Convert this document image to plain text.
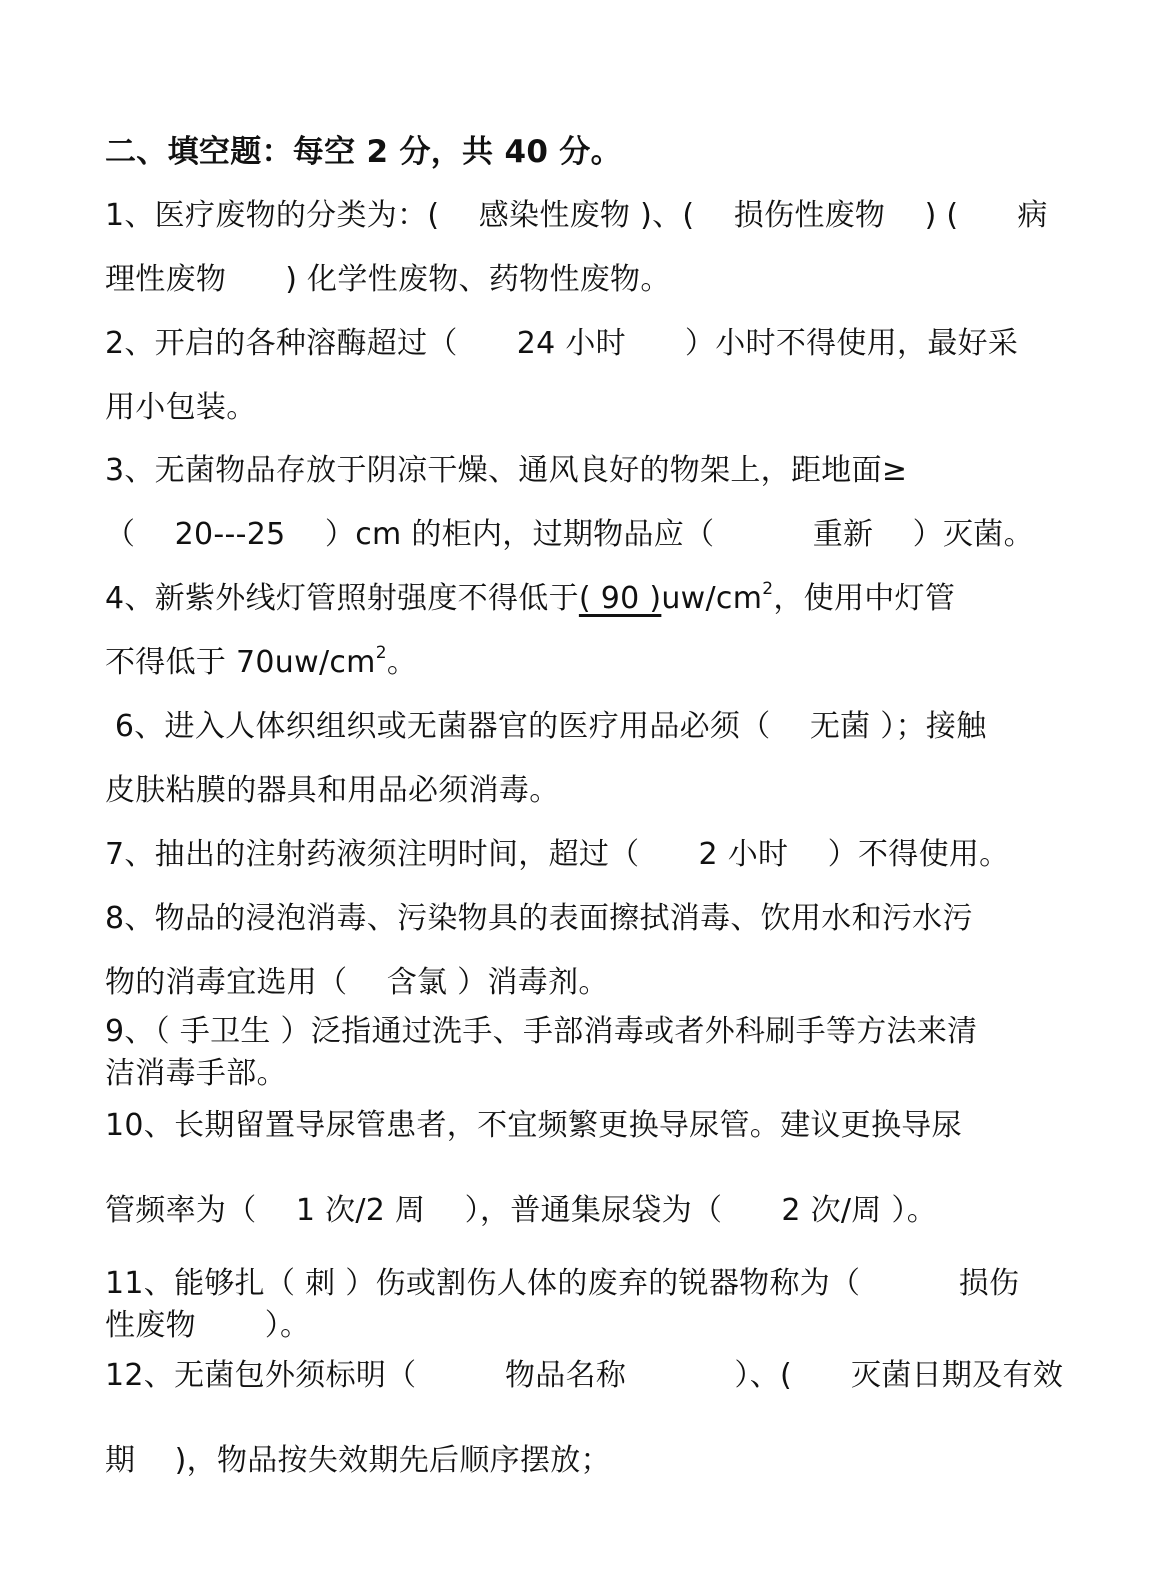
二、填空题：每空 2 分，共 40 分。
1、医疗废物的分类为：(    感染性废物 )、(    损伤性废物    ) (      病
理性废物      ) 化学性废物、药物性废物。
2、开启的各种溶酶超过（      24 小时      ）小时不得使用，最好采
用小包装。
3、无菌物品存放于阴凉干燥、通风良好的物架上，距地面≥
（    20---25    ）cm 的柜内，过期物品应（          重新    ）灭菌。
4、新紫外线灯管照射强度不得低于( 90 )$uw/cm^2$，使用中灯管
不得低于 $70uw/cm^2$。
6、进入人体织组织或无菌器官的医疗用品必须（    无菌 ）；接触
皮肤粘膜的器具和用品必须消毒。
7、抽出的注射药液须注明时间，超过（      2 小时    ）不得使用。
8、物品的浸泡消毒、污染物具的表面擦拭消毒、饮用水和污水污
物的消毒宜选用（    含氯 ）消毒剂。
9、（ 手卫生 ）泛指通过洗手、手部消毒或者外科刷手等方法来清
洁消毒手部。
10、长期留置导尿管患者，不宜频繁更换导尿管。建议更换导尿
管频率为（    1 次/2 周    ），普通集尿袋为（      2 次/周 ）。
11、能够扎（ 刺 ）伤或割伤人体的废弃的锐器物称为（          损伤
性废物       ）。
12、无菌包外须标明（         物品名称           ）、(      灭菌日期及有效
期    )，物品按失效期先后顺序摆放；
